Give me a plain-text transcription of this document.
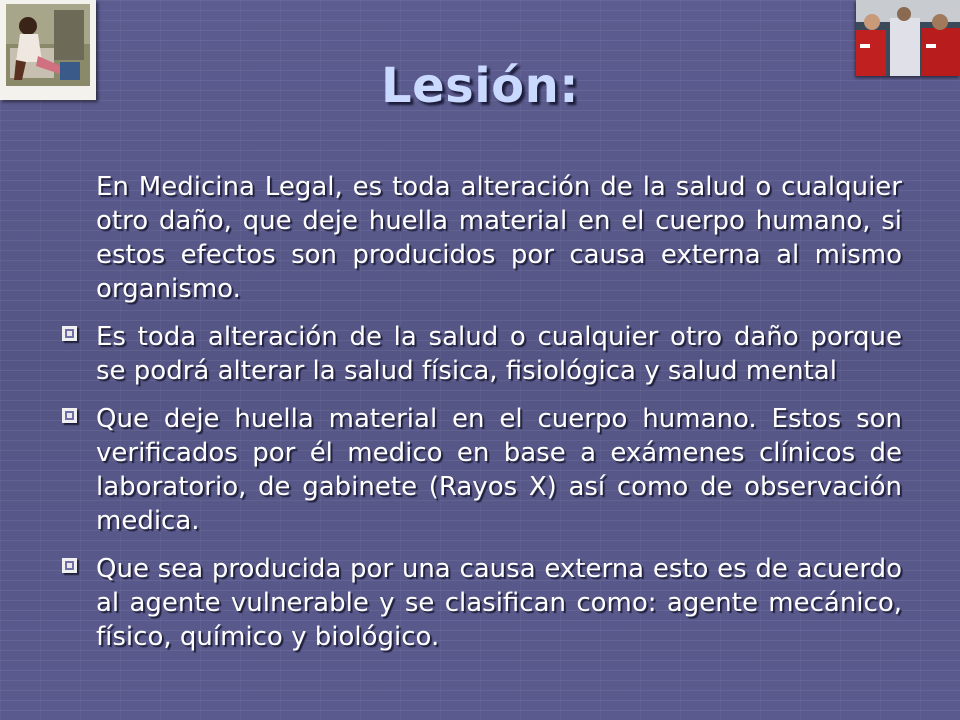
Lesión:

En Medicina Legal, es toda alteración de la salud o cualquier otro daño, que deje huella material en el cuerpo humano, si estos efectos son producidos por causa externa al mismo organismo.

Es toda alteración de la salud o cualquier otro daño porque se podrá alterar la salud física, fisiológica y salud mental
Que deje huella material en el cuerpo humano. Estos son verificados por él medico en base a exámenes clínicos de laboratorio, de gabinete (Rayos X) así como de observación medica.
Que sea producida por una causa externa esto es de acuerdo al agente vulnerable y se clasifican como: agente mecánico, físico, químico y biológico.
